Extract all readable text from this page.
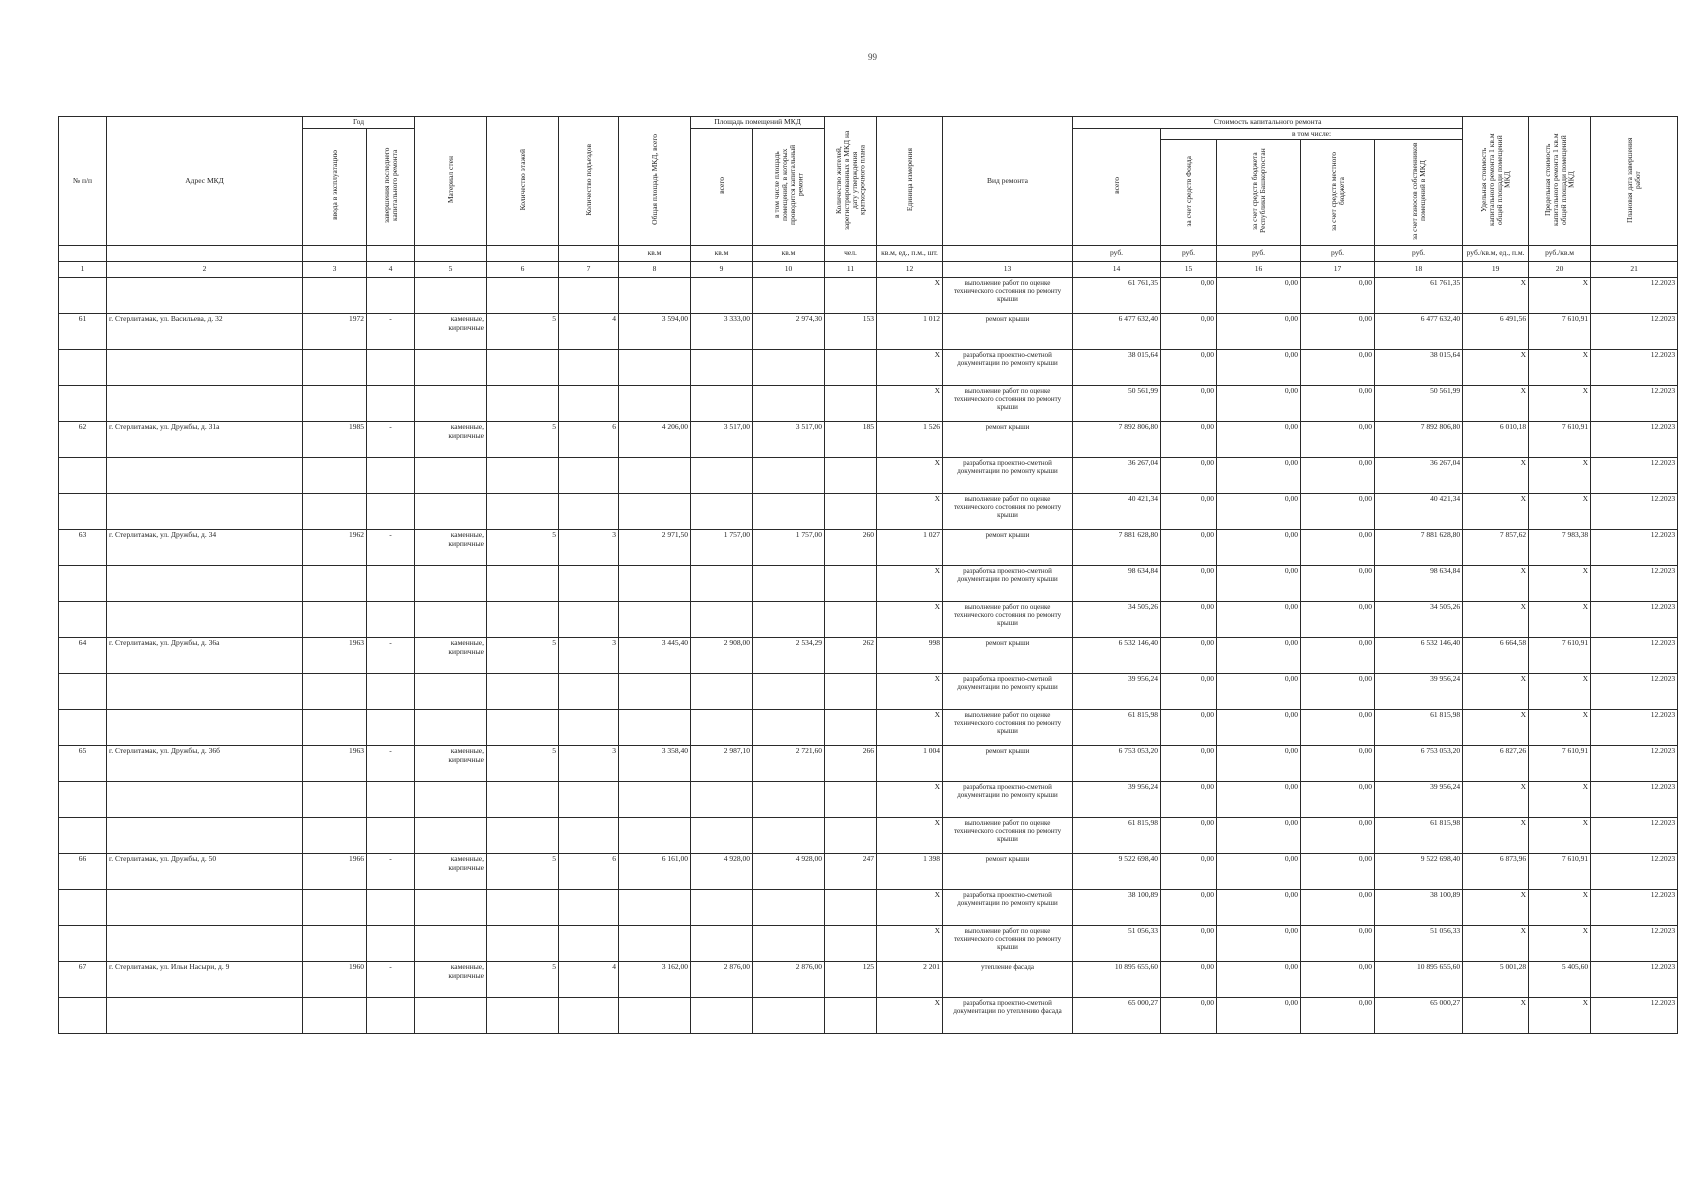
99
№ п/п	Адрес МКД	Год		Материал стен	Количество этажей	Количество подъездов	Общая площадь МКД, всего	Площадь помещений МКД		Количество жителей, зарегистрированных в МКД на дату утверждения краткосрочного плана	Единица измерения	Вид ремонта	Стоимость капитального ремонта					Удельная стоимость капитального ремонта 1 кв.м общей площади помещений МКД	Предельная стоимость капитального ремонта 1 кв.м общей площади помещений МКД	Плановая дата завершения работ
		ввода в эксплуатацию	завершения последнего капитального ремонта					всего	в том числе площадь помещений, в которых проводится капитальный ремонт				всего	в том числе:						
														за счет средств Фонда	за счет средств бюджета Республики Башкортостан	за счет средств местного бюджета	за счет взносов собственников помещений в МКД			
							кв.м	кв.м	кв.м	чел.	кв.м, ед., п.м., шт.		руб.	руб.	руб.	руб.	руб.	руб./кв.м, ед., п.м.	руб./кв.м	
1	2	3	4	5	6	7	8	9	10	11	12	13	14	15	16	17	18	19	20	21
											X	выполнение работ по оценке технического состояния по ремонту крыши	61 761,35	0,00	0,00	0,00	61 761,35	X	X	12.2023
61	г. Стерлитамак, ул. Васильева, д. 32	1972	-	каменные, кирпичные	5	4	3 594,00	3 333,00	2 974,30	153	1 012	ремонт крыши	6 477 632,40	0,00	0,00	0,00	6 477 632,40	6 491,56	7 610,91	12.2023
											X	разработка проектно-сметной документации по ремонту крыши	38 015,64	0,00	0,00	0,00	38 015,64	X	X	12.2023
											X	выполнение работ по оценке технического состояния по ремонту крыши	50 561,99	0,00	0,00	0,00	50 561,99	X	X	12.2023
62	г. Стерлитамак, ул. Дружбы, д. 31а	1985	-	каменные, кирпичные	5	6	4 206,00	3 517,00	3 517,00	185	1 526	ремонт крыши	7 892 806,80	0,00	0,00	0,00	7 892 806,80	6 010,18	7 610,91	12.2023
											X	разработка проектно-сметной документации по ремонту крыши	36 267,04	0,00	0,00	0,00	36 267,04	X	X	12.2023
											X	выполнение работ по оценке технического состояния по ремонту крыши	40 421,34	0,00	0,00	0,00	40 421,34	X	X	12.2023
63	г. Стерлитамак, ул. Дружбы, д. 34	1962	-	каменные, кирпичные	5	3	2 971,50	1 757,00	1 757,00	260	1 027	ремонт крыши	7 881 628,80	0,00	0,00	0,00	7 881 628,80	7 857,62	7 983,38	12.2023
											X	разработка проектно-сметной документации по ремонту крыши	98 634,84	0,00	0,00	0,00	98 634,84	X	X	12.2023
											X	выполнение работ по оценке технического состояния по ремонту крыши	34 505,26	0,00	0,00	0,00	34 505,26	X	X	12.2023
64	г. Стерлитамак, ул. Дружбы, д. 36а	1963	-	каменные, кирпичные	5	3	3 445,40	2 908,00	2 534,29	262	998	ремонт крыши	6 532 146,40	0,00	0,00	0,00	6 532 146,40	6 664,58	7 610,91	12.2023
											X	разработка проектно-сметной документации по ремонту крыши	39 956,24	0,00	0,00	0,00	39 956,24	X	X	12.2023
											X	выполнение работ по оценке технического состояния по ремонту крыши	61 815,98	0,00	0,00	0,00	61 815,98	X	X	12.2023
65	г. Стерлитамак, ул. Дружбы, д. 36б	1963	-	каменные, кирпичные	5	3	3 358,40	2 987,10	2 721,60	266	1 004	ремонт крыши	6 753 053,20	0,00	0,00	0,00	6 753 053,20	6 827,26	7 610,91	12.2023
											X	разработка проектно-сметной документации по ремонту крыши	39 956,24	0,00	0,00	0,00	39 956,24	X	X	12.2023
											X	выполнение работ по оценке технического состояния по ремонту крыши	61 815,98	0,00	0,00	0,00	61 815,98	X	X	12.2023
66	г. Стерлитамак, ул. Дружбы, д. 50	1966	-	каменные, кирпичные	5	6	6 161,00	4 928,00	4 928,00	247	1 398	ремонт крыши	9 522 698,40	0,00	0,00	0,00	9 522 698,40	6 873,96	7 610,91	12.2023
											X	разработка проектно-сметной документации по ремонту крыши	38 100,89	0,00	0,00	0,00	38 100,89	X	X	12.2023
											X	выполнение работ по оценке технического состояния по ремонту крыши	51 056,33	0,00	0,00	0,00	51 056,33	X	X	12.2023
67	г. Стерлитамак, ул. Ильи Насыри, д. 9	1960	-	каменные, кирпичные	5	4	3 162,00	2 876,00	2 876,00	125	2 201	утепление фасада	10 895 655,60	0,00	0,00	0,00	10 895 655,60	5 001,28	5 405,60	12.2023
											X	разработка проектно-сметной документации по утеплению фасада	65 000,27	0,00	0,00	0,00	65 000,27	X	X	12.2023
